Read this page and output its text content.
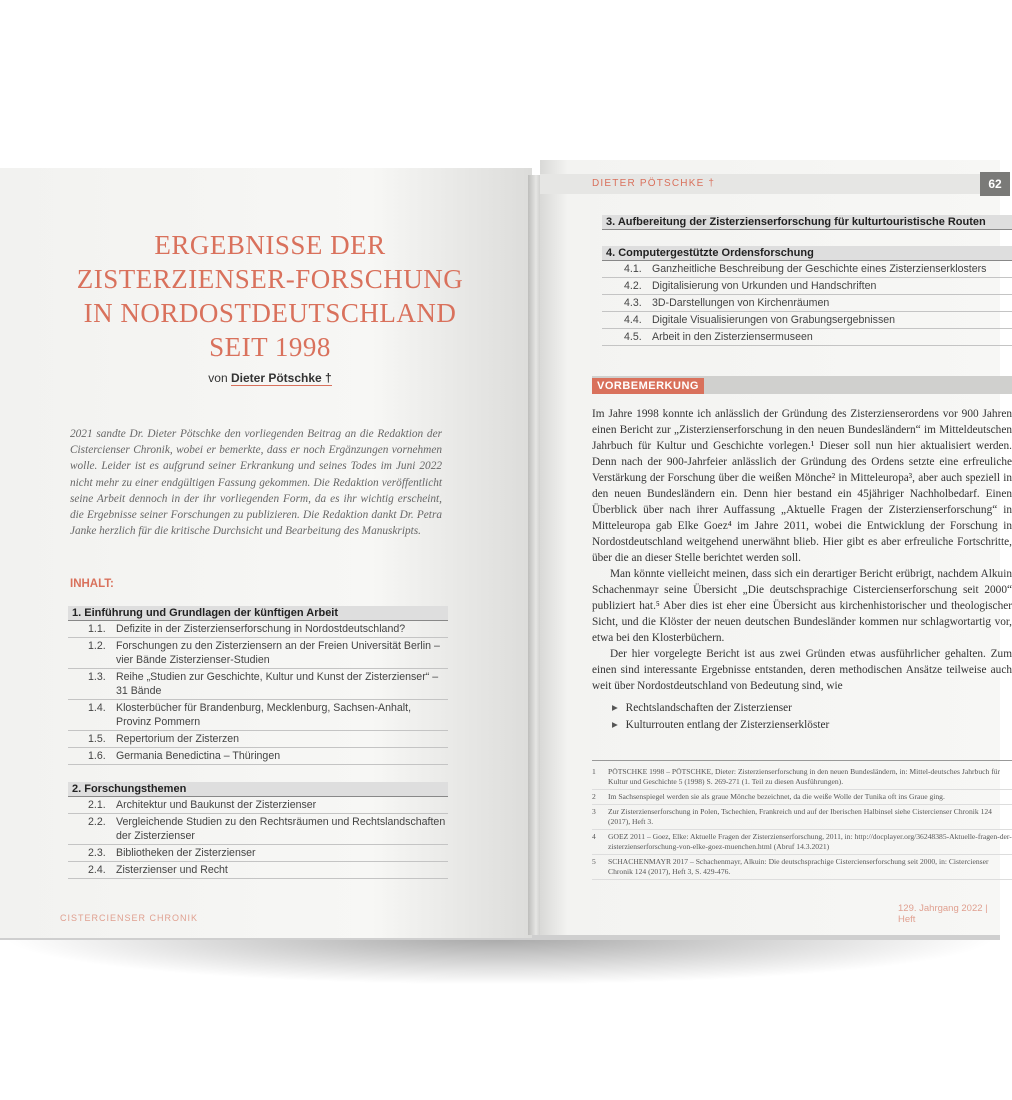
ERGEBNISSE DER
ZISTERZIENSER-FORSCHUNG
IN NORDOSTDEUTSCHLAND
SEIT 1998
von Dieter Pötschke †
2021 sandte Dr. Dieter Pötschke den vorliegenden Beitrag an die Redaktion der Cistercienser Chronik, wobei er bemerkte, dass er noch Ergänzungen vornehmen wolle. Leider ist es aufgrund seiner Erkrankung und seines Todes im Juni 2022 nicht mehr zu einer endgültigen Fassung gekommen. Die Redaktion veröffentlicht seine Arbeit dennoch in der ihr vorliegenden Form, da es ihr wichtig erscheint, die Ergebnisse seiner Forschungen zu publizieren. Die Redaktion dankt Dr. Petra Janke herzlich für die kritische Durchsicht und Bearbeitung des Manuskripts.
INHALT:
1. Einführung und Grundlagen der künftigen Arbeit
1.1. Defizite in der Zisterzienserforschung in Nordostdeutschland?
1.2. Forschungen zu den Zisterziensern an der Freien Universität Berlin – vier Bände Zisterzienser-Studien
1.3. Reihe „Studien zur Geschichte, Kultur und Kunst der Zisterzienser“ – 31 Bände
1.4. Klosterbücher für Brandenburg, Mecklenburg, Sachsen-Anhalt, Provinz Pommern
1.5. Repertorium der Zisterzen
1.6. Germania Benedictina – Thüringen
2. Forschungsthemen
2.1. Architektur und Baukunst der Zisterzienser
2.2. Vergleichende Studien zu den Rechtsräumen und Rechtslandschaften der Zisterzienser
2.3. Bibliotheken der Zisterzienser
2.4. Zisterzienser und Recht
CISTERCIENSER CHRONIK
DIETER PÖTSCHKE †	62
3. Aufbereitung der Zisterzienserforschung für kulturtouristische Routen
4. Computergestützte Ordensforschung
4.1. Ganzheitliche Beschreibung der Geschichte eines Zisterzienserklosters
4.2. Digitalisierung von Urkunden und Handschriften
4.3. 3D-Darstellungen von Kirchenräumen
4.4. Digitale Visualisierungen von Grabungsergebnissen
4.5. Arbeit in den Zisterziensermuseen
VORBEMERKUNG

Im Jahre 1998 konnte ich anlässlich der Gründung des Zisterzienserordens vor 900 Jahren einen Bericht zur „Zisterzienserforschung in den neuen Bundesländern“ im Mitteldeutschen Jahrbuch für Kultur und Geschichte vorlegen.¹ Dieser soll nun hier aktualisiert werden. Denn nach der 900-Jahrfeier anlässlich der Gründung des Ordens setzte eine erfreuliche Verstärkung der Forschung über die weißen Mönche² in Mitteleuropa³, aber auch speziell in den neuen Bundesländern ein. Denn hier bestand ein 45jähriger Nachholbedarf. Einen Überblick über nach ihrer Auffassung „Aktuelle Fragen der Zisterzienserforschung“ in Mitteleuropa gab Elke Goez⁴ im Jahre 2011, wobei die Entwicklung der Forschung in Nordostdeutschland weitgehend unerwähnt blieb. Hier gibt es aber erfreuliche Fortschritte, über die an dieser Stelle berichtet werden soll.

Man könnte vielleicht meinen, dass sich ein derartiger Bericht erübrigt, nachdem Alkuin Schachenmayr seine Übersicht „Die deutschsprachige Cistercienserforschung seit 2000“ publiziert hat.⁵ Aber dies ist eher eine Übersicht aus kirchenhistorischer und theologischer Sicht, und die Klöster der neuen deutschen Bundesländer kommen nur schlagwortartig vor, etwa bei den Klosterbüchern.

Der hier vorgelegte Bericht ist aus zwei Gründen etwas ausführlicher gehalten. Zum einen sind interessante Ergebnisse entstanden, deren methodischen Ansätze teilweise auch weit über Nordostdeutschland von Bedeutung sind, wie

▸ Rechtslandschaften der Zisterzienser
▸ Kulturrouten entlang der Zisterzienserklöster
1	PÖTSCHKE 1998 – PÖTSCHKE, Dieter: Zisterzienserforschung in den neuen Bundesländern, in: Mittel-deutsches Jahrbuch für Kultur und Geschichte 5 (1998) S. 269-271 (1. Teil zu diesen Ausführungen).
2	Im Sachsenspiegel werden sie als graue Mönche bezeichnet, da die weiße Wolle der Tunika oft ins Graue ging.
3	Zur Zisterzienserforschung in Polen, Tschechien, Frankreich und auf der Iberischen Halbinsel siehe Cistercienser Chronik 124 (2017), Heft 3.
4	GOEZ 2011 – Goez, Elke: Aktuelle Fragen der Zisterzienserforschung, 2011, in: http://docplayer.org/36248385-Aktuelle-fragen-der-zisterzienserforschung-von-elke-goez-muenchen.html (Abruf 14.3.2021)
5	SCHACHENMAYR 2017 – Schachenmayr, Alkuin: Die deutschsprachige Cistercienserforschung seit 2000, in: Cistercienser Chronik 124 (2017), Heft 3, S. 429-476.
129. Jahrgang 2022 | Heft
